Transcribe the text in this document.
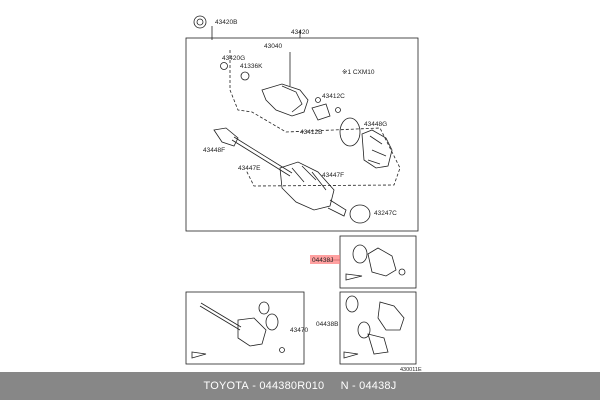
43420B
43420
43040
43420G
41336K
※1 CXM10
43412C
43448G
43412B
43448F
43447E
43447F
43247C
04438J
04438B
43470
430011E
TOYOTA - 044380R010
N - 04438J
